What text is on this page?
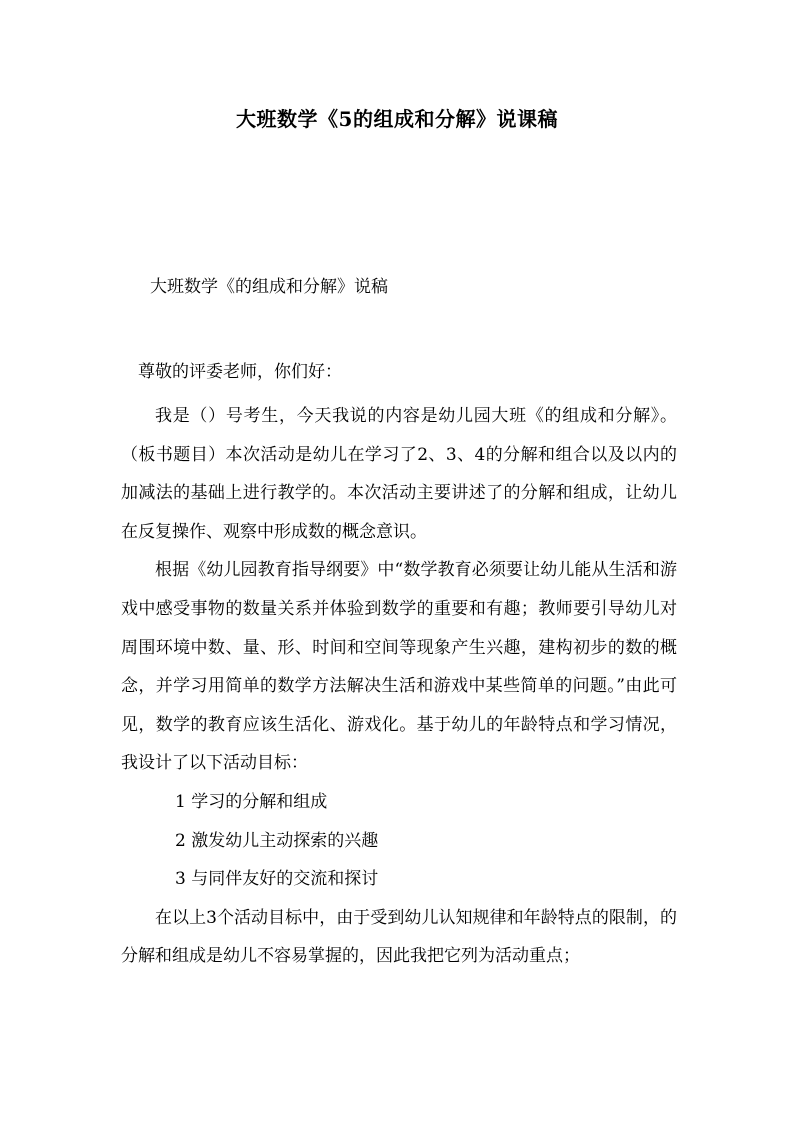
大班数学《5的组成和分解》说课稿
大班数学《的组成和分解》说稿
尊敬的评委老师，你们好：

我是（）号考生，今天我说的内容是幼儿园大班《的组成和分解》。（板书题目）本次活动是幼儿在学习了2、3、4的分解和组合以及以内的加减法的基础上进行教学的。本次活动主要讲述了的分解和组成，让幼儿在反复操作、观察中形成数的概念意识。

根据《幼儿园教育指导纲要》中“数学教育必须要让幼儿能从生活和游戏中感受事物的数量关系并体验到数学的重要和有趣；教师要引导幼儿对周围环境中数、量、形、时间和空间等现象产生兴趣，建构初步的数的概念，并学习用简单的数学方法解决生活和游戏中某些简单的问题。”由此可见，数学的教育应该生活化、游戏化。基于幼儿的年龄特点和学习情况，我设计了以下活动目标：

1 学习的分解和组成

2 激发幼儿主动探索的兴趣

3 与同伴友好的交流和探讨

在以上3个活动目标中，由于受到幼儿认知规律和年龄特点的限制，的分解和组成是幼儿不容易掌握的，因此我把它列为活动重点；
